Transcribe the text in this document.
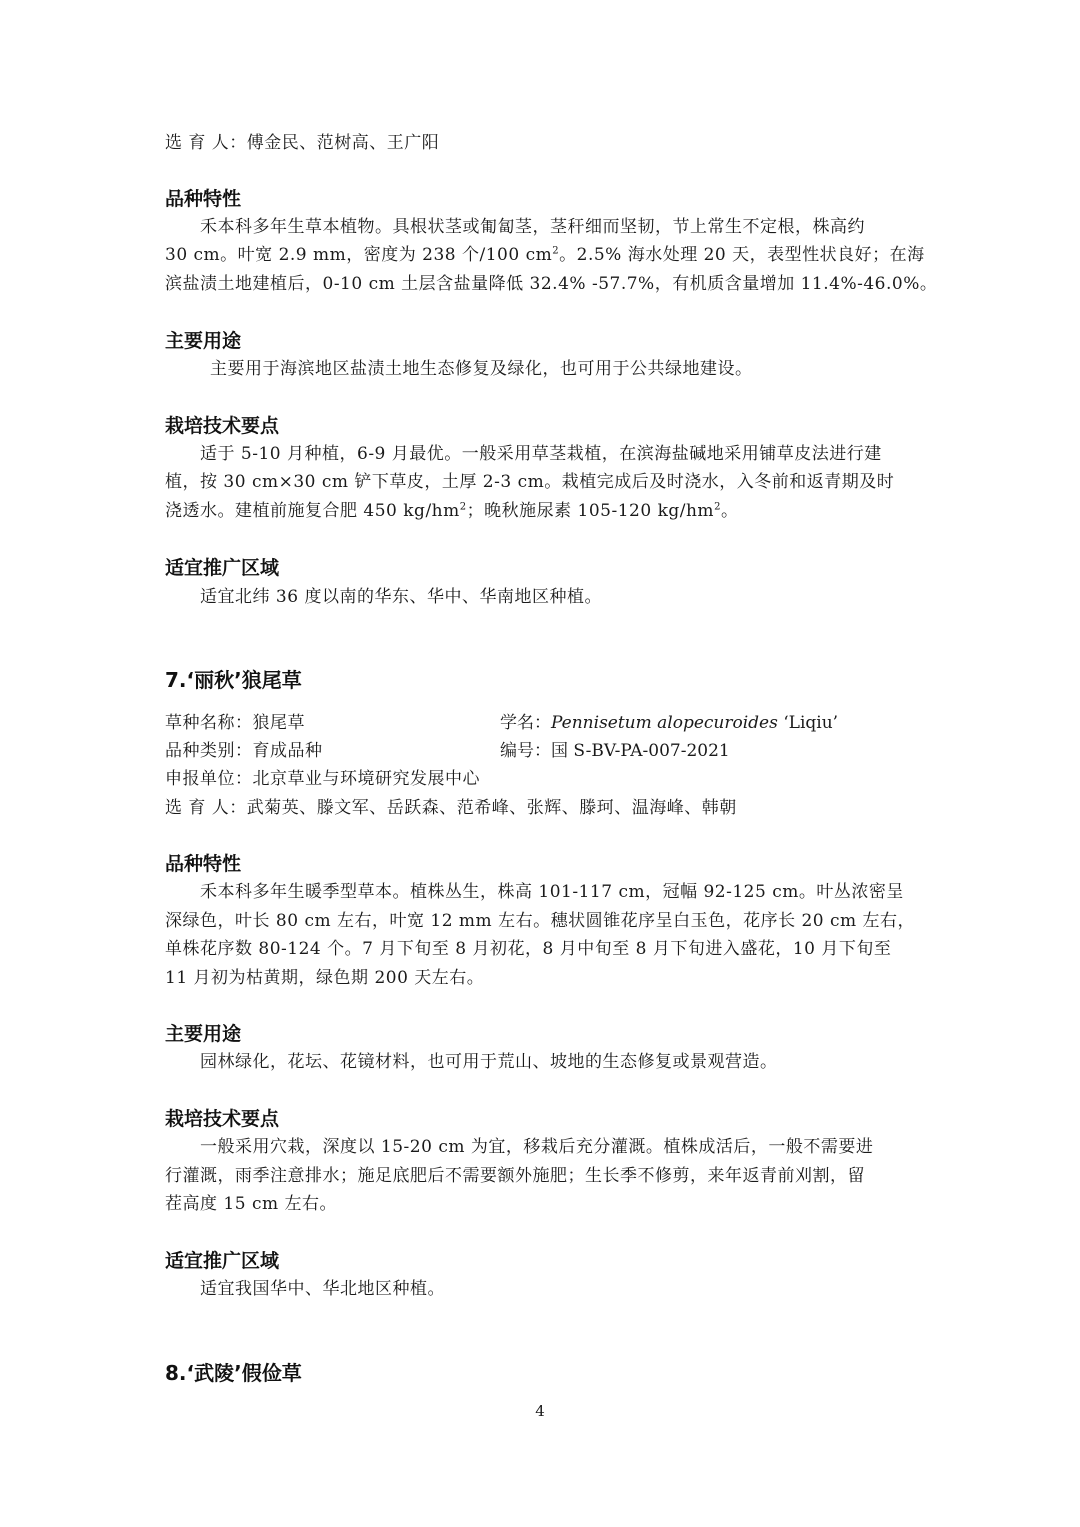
选 育 人：傅金民、范树高、王广阳
品种特性
禾本科多年生草本植物。具根状茎或匍匐茎，茎秆细而坚韧，节上常生不定根，株高约
30 cm。叶宽 2.9 mm，密度为 238 个/100 $cm^2$。2.5% 海水处理 20 天，表型性状良好；在海
滨盐渍土地建植后，0-10 cm 土层含盐量降低 32.4% -57.7%，有机质含量增加 11.4%-46.0%。
主要用途
主要用于海滨地区盐渍土地生态修复及绿化，也可用于公共绿地建设。
栽培技术要点
适于 5-10 月种植，6-9 月最优。一般采用草茎栽植，在滨海盐碱地采用铺草皮法进行建
植，按 30 cm×30 cm 铲下草皮，土厚 2-3 cm。栽植完成后及时浇水，入冬前和返青期及时
浇透水。建植前施复合肥 450 $kg/hm^2$；晚秋施尿素 105-120 $kg/hm^2$。
适宜推广区域
适宜北纬 36 度以南的华东、华中、华南地区种植。
7.‘丽秋’狼尾草
草种名称：狼尾草	学名：Pennisetum alopecuroides ‘Liqiu’
品种类别：育成品种	编号：国 S-BV-PA-007-2021
申报单位：北京草业与环境研究发展中心
选 育 人：武菊英、滕文军、岳跃森、范希峰、张辉、滕珂、温海峰、韩朝
品种特性
禾本科多年生暖季型草本。植株丛生，株高 101-117 cm，冠幅 92-125 cm。叶丛浓密呈
深绿色，叶长 80 cm 左右，叶宽 12 mm 左右。穗状圆锥花序呈白玉色，花序长 20 cm 左右，
单株花序数 80-124 个。7 月下旬至 8 月初花，8 月中旬至 8 月下旬进入盛花，10 月下旬至
11 月初为枯黄期，绿色期 200 天左右。
主要用途
园林绿化，花坛、花镜材料，也可用于荒山、坡地的生态修复或景观营造。
栽培技术要点
一般采用穴栽，深度以 15-20 cm 为宜，移栽后充分灌溉。植株成活后，一般不需要进
行灌溉，雨季注意排水；施足底肥后不需要额外施肥；生长季不修剪，来年返青前刈割，留
茬高度 15 cm 左右。
适宜推广区域
适宜我国华中、华北地区种植。
8.‘武陵’假俭草
4
